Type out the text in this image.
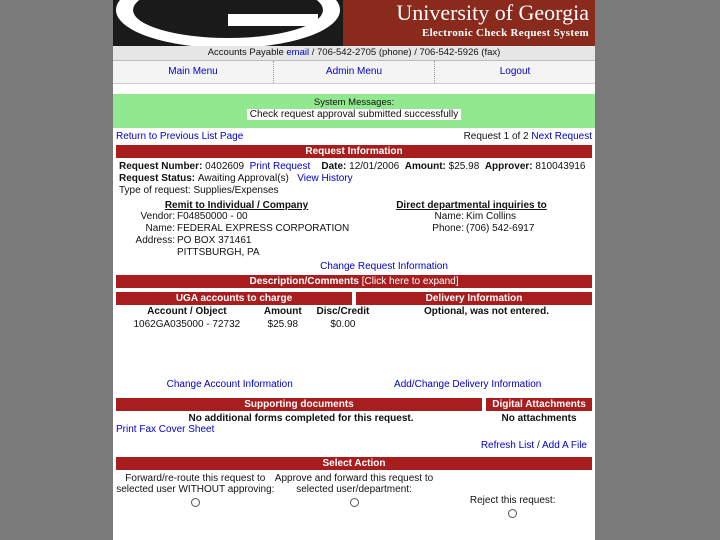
University of Georgia
Electronic Check Request System
Accounts Payable email / 706-542-2705 (phone) / 706-542-5926 (fax)
Main Menu	Admin Menu	Logout
System Messages:
Check request approval submitted successfully
Return to Previous List Page	Request 1 of 2 Next Request
Request Information
Request Number:
0402609
Print Request
Date:
12/01/2006
Amount:
$25.98
Approver:
810043916
Request Status:
Awaiting Approval(s)
View History
Type of request:
Supplies/Expenses
Remit to Individual / Company
Vendor: F04850000 - 00
Name: FEDERAL EXPRESS CORPORATION
Address: PO BOX 371461
PITTSBURGH, PA
Direct departmental inquiries to
Name: Kim Collins
Phone: (706) 542-6917
Change Request Information
Description/Comments [Click here to expand]
UGA accounts to charge	Delivery Information
Account / Object	Amount	Disc/Credit
1062GA035000 - 72732	$25.98	$0.00
Optional, was not entered.
Change Account Information	Add/Change Delivery Information
Supporting documents	Digital Attachments
No additional forms completed for this request.	No attachments
Print Fax Cover Sheet
Refresh List / Add A File
Select Action
Forward/re-route this request to selected user WITHOUT approving:

Approve and forward this request to selected user/department:

Reject this request:
